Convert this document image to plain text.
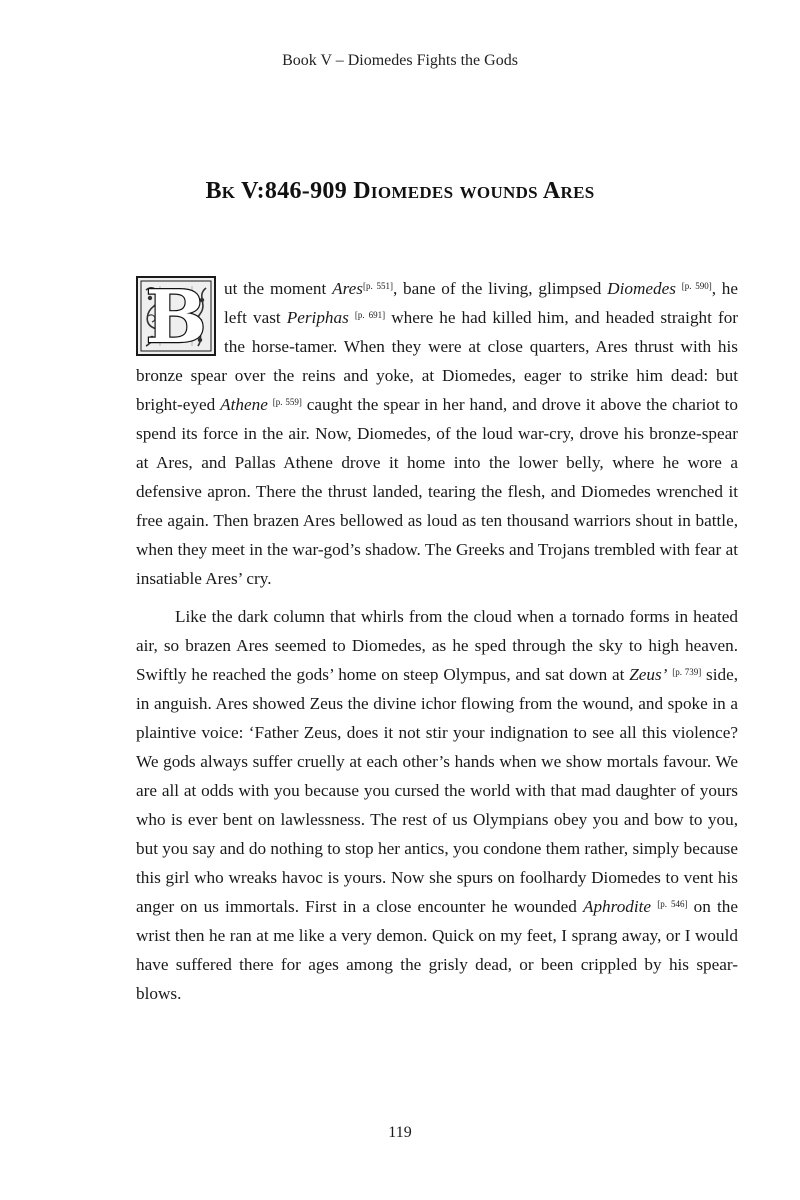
Book V – Diomedes Fights the Gods
Bk V:846-909 Diomedes wounds Ares

B ut the moment Ares[p. 551], bane of the living, glimpsed Diomedes [p. 590], he left vast Periphas [p. 691] where he had killed him, and headed straight for the horse-tamer. When they were at close quarters, Ares thrust with his bronze spear over the reins and yoke, at Diomedes, eager to strike him dead: but bright-eyed Athene [p. 559] caught the spear in her hand, and drove it above the chariot to spend its force in the air. Now, Diomedes, of the loud war-cry, drove his bronze-spear at Ares, and Pallas Athene drove it home into the lower belly, where he wore a defensive apron. There the thrust landed, tearing the flesh, and Diomedes wrenched it free again. Then brazen Ares bellowed as loud as ten thousand warriors shout in battle, when they meet in the war-god’s shadow. The Greeks and Trojans trembled with fear at insatiable Ares’ cry.

Like the dark column that whirls from the cloud when a tornado forms in heated air, so brazen Ares seemed to Diomedes, as he sped through the sky to high heaven. Swiftly he reached the gods’ home on steep Olympus, and sat down at Zeus’ [p. 739] side, in anguish. Ares showed Zeus the divine ichor flowing from the wound, and spoke in a plaintive voice: ‘Father Zeus, does it not stir your indignation to see all this violence? We gods always suffer cruelly at each other’s hands when we show mortals favour. We are all at odds with you because you cursed the world with that mad daughter of yours who is ever bent on lawlessness. The rest of us Olympians obey you and bow to you, but you say and do nothing to stop her antics, you condone them rather, simply because this girl who wreaks havoc is yours. Now she spurs on foolhardy Diomedes to vent his anger on us immortals. First in a close encounter he wounded Aphrodite [p. 546] on the wrist then he ran at me like a very demon. Quick on my feet, I sprang away, or I would have suffered there for ages among the grisly dead, or been crippled by his spear-blows.

119
